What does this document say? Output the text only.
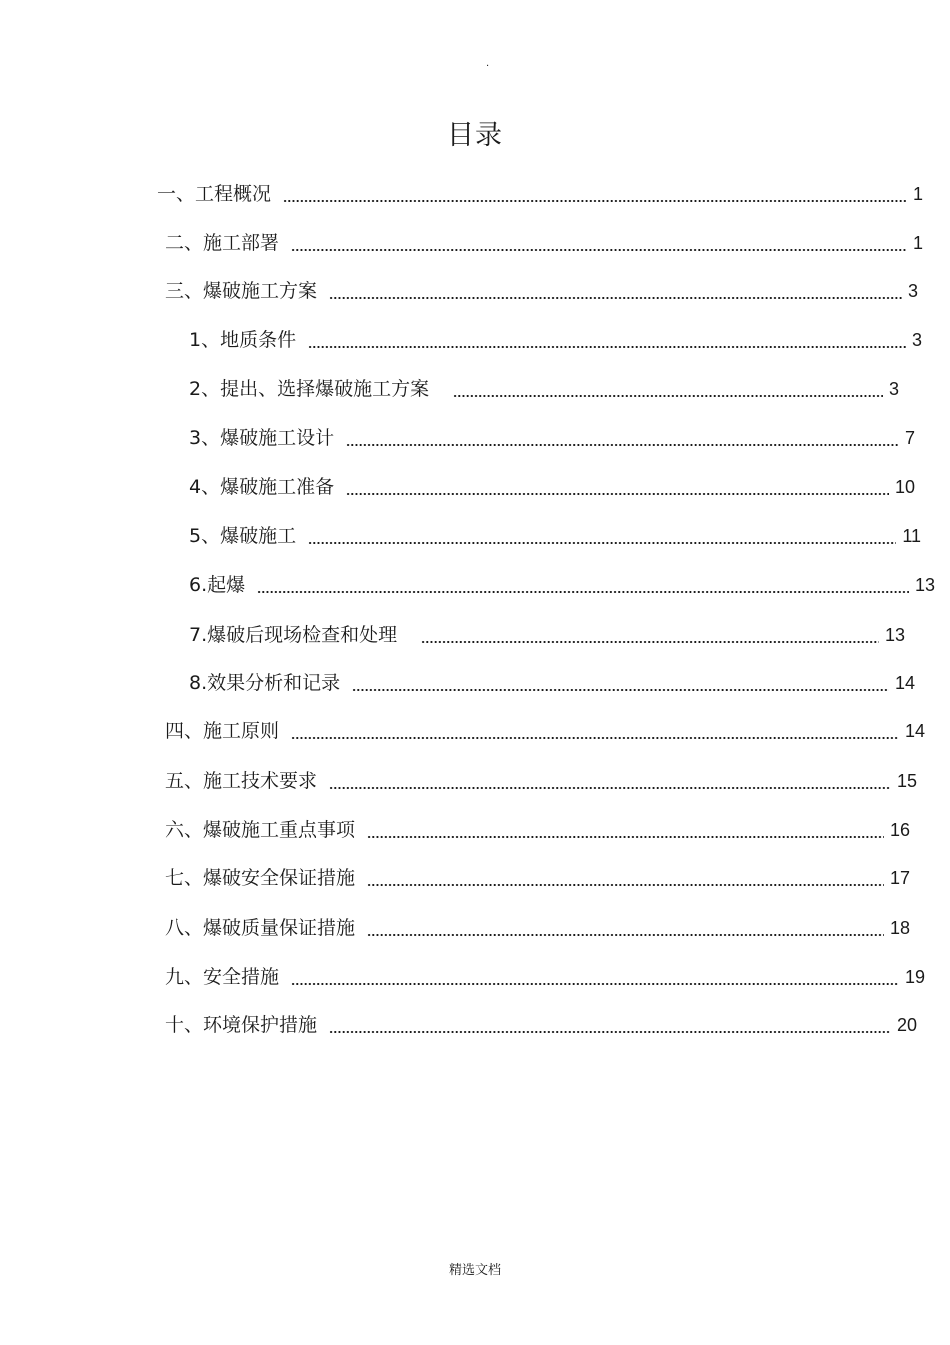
·
目录
一、工程概况	1
二、施工部署	1
三、爆破施工方案	3
1、地质条件	3
2、提出、选择爆破施工方案	3
3、爆破施工设计	7
4、爆破施工准备	10
5、爆破施工	11
6.起爆	13
7.爆破后现场检查和处理	13
8.效果分析和记录	14
四、施工原则	14
五、施工技术要求	15
六、爆破施工重点事项	16
七、爆破安全保证措施	17
八、爆破质量保证措施	18
九、安全措施	19
十、环境保护措施	20
精选文档
